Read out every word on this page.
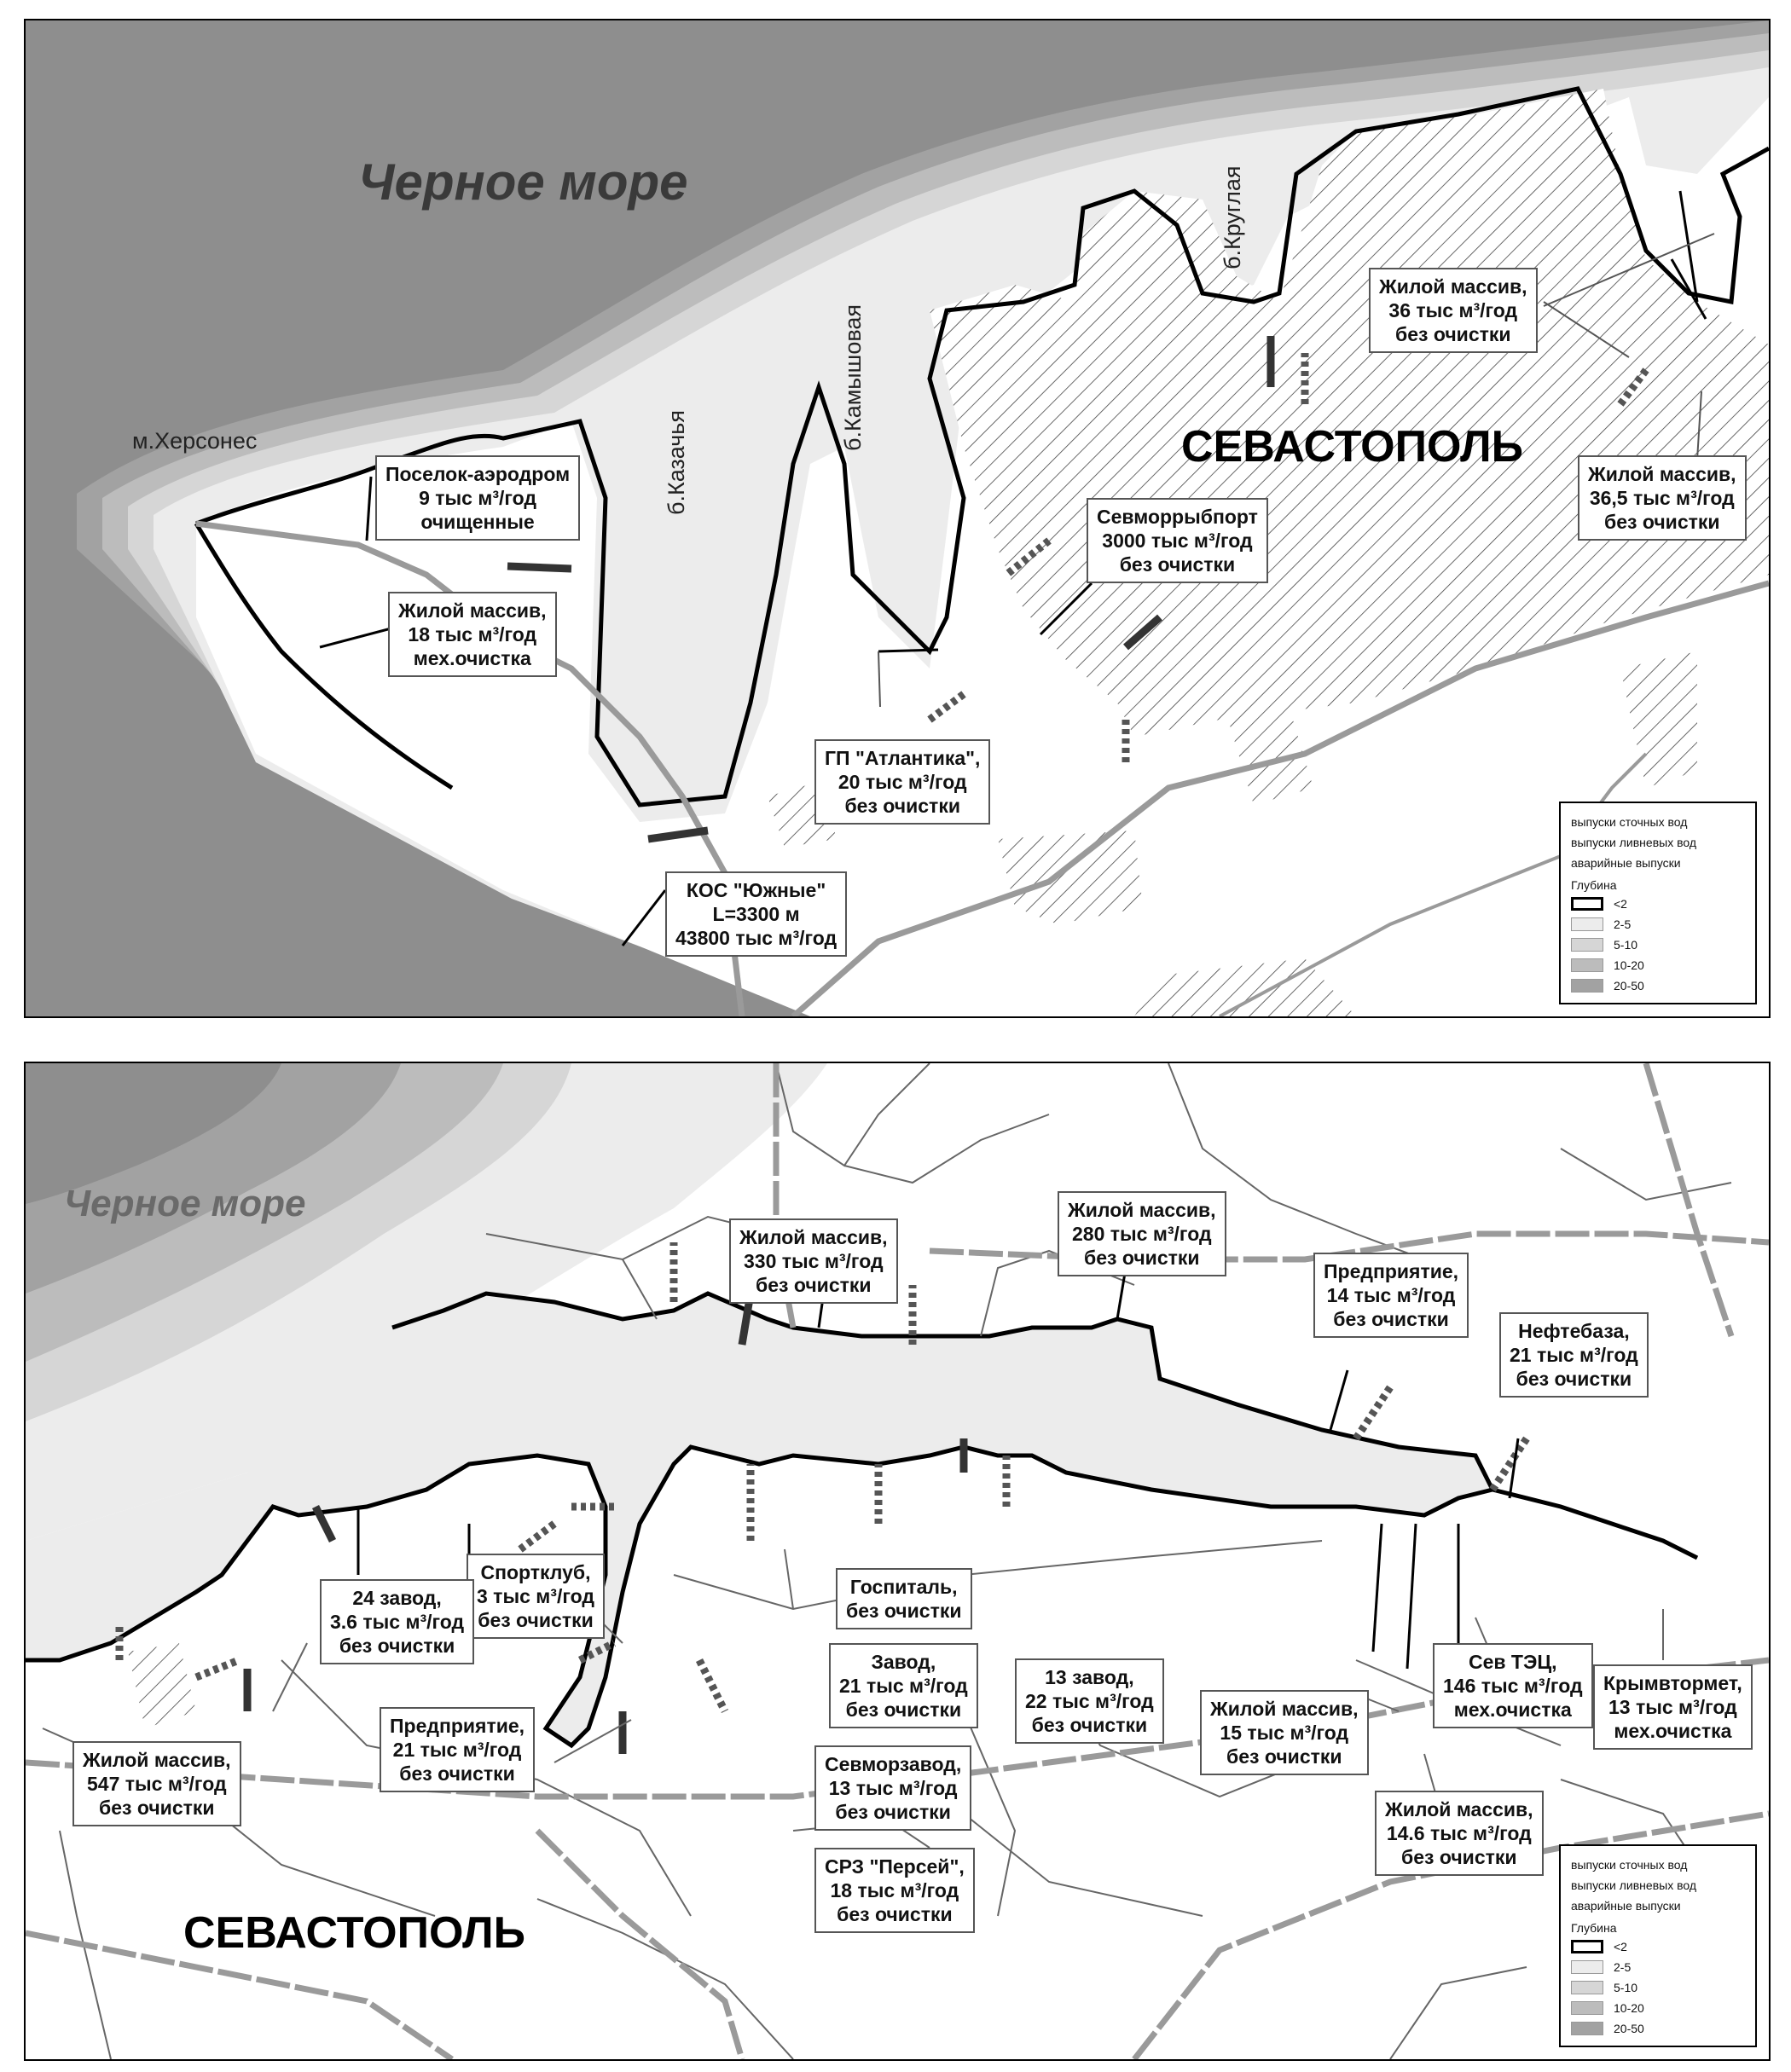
Черное море
СЕВАСТОПОЛЬ
м.Херсонес	б.Казачья
б.Камышовая
б.Круглая
Поселок-аэродром
9 тыс м³/год
очищенные
Жилой массив,
18 тыс м³/год
мех.очистка
КОС "Южные"
L=3300 м
43800 тыс м³/год
ГП "Атлантика",
20 тыс м³/год
без очистки
Севморрыбпорт
3000 тыс м³/год
без очистки
Жилой массив,
36 тыс м³/год
без очистки
Жилой массив,
36,5 тыс м³/год
без очистки
выпуски сточных вод
выпуски ливневых вод
аварийные выпуски
Глубина
<2
2-5
5-10
10-20
20-50
Черное море
СЕВАСТОПОЛЬ
Жилой массив,
330 тыс м³/год
без очистки
Жилой массив,
280 тыс м³/год
без очистки
Предприятие,
14 тыс м³/год
без очистки
Нефтебаза,
21 тыс м³/год
без очистки
Спортклуб,
3 тыс м³/год
без очистки
24 завод,
3.6 тыс м³/год
без очистки
Госпиталь,
без очистки
Завод,
21 тыс м³/год
без очистки
13 завод,
22 тыс м³/год
без очистки
Жилой массив,
15 тыс м³/год
без очистки
Сев ТЭЦ,
146 тыс м³/год
мех.очистка
Крымвтормет,
13 тыс м³/год
мех.очистка
Предприятие,
21 тыс м³/год
без очистки	Севморзавод,
13 тыс м³/год
без очистки
Жилой массив,
547 тыс м³/год
без очистки	Жилой массив,
14.6 тыс м³/год
без очистки
СРЗ "Персей",
18 тыс м³/год
без очистки
выпуски сточных вод
выпуски ливневых вод
аварийные выпуски
Глубина
<2
2-5
5-10
10-20
20-50
